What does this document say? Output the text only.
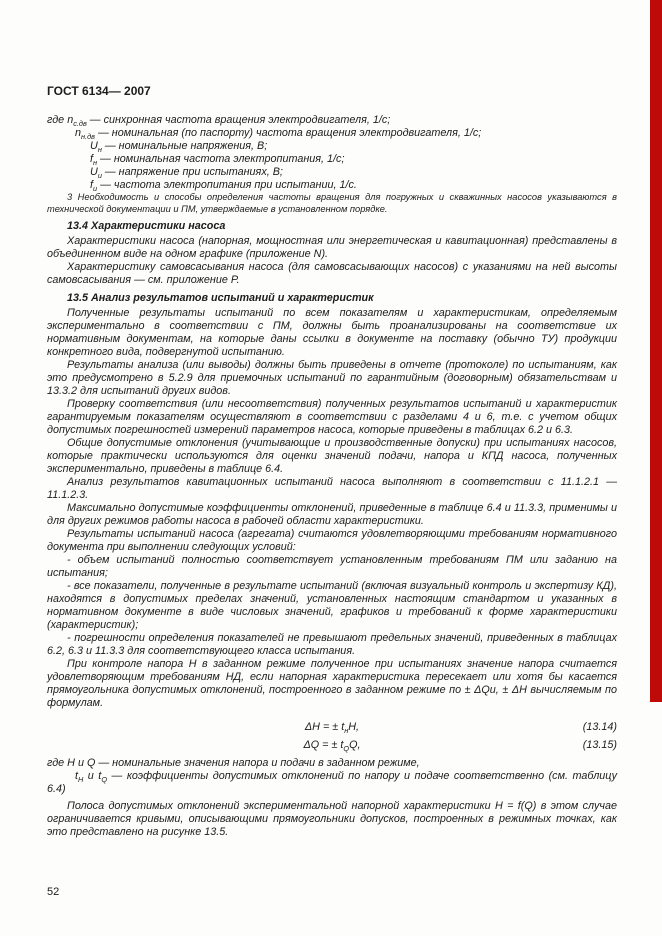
ГОСТ 6134— 2007
где $n_{с.дв}$ — синхронная частота вращения электродвигателя, 1/с;
$n_{н.дв}$ — номинальная (по паспорту) частота вращения электродвигателя, 1/с;
$U_н$ — номинальные напряжения, В;
$f_н$ — номинальная частота электропитания, 1/с;
$U_и$ — напряжение при испытаниях, В;
$f_и$ — частота электропитания при испытании, 1/с.

3 Необходимость и способы определения частоты вращения для погружных и скважинных насосов указываются в технической документации и ПМ, утверждаемые в установленном порядке.

13.4 Характеристики насоса

Характеристики насоса (напорная, мощностная или энергетическая и кавитационная) представлены в объединенном виде на одном графике (приложение N).

Характеристику самовсасывания насоса (для самовсасывающих насосов) с указаниями на ней высоты самовсасывания — см. приложение P.

13.5 Анализ результатов испытаний и характеристик

Полученные результаты испытаний по всем показателям и характеристикам, определяемым экспериментально в соответствии с ПМ, должны быть проанализированы на соответствие их нормативным документам, на которые даны ссылки в документе на поставку (обычно ТУ) продукции конкретного вида, подвергнутой испытанию.

Результаты анализа (или выводы) должны быть приведены в отчете (протоколе) по испытаниям, как это предусмотрено в 5.2.9 для приемочных испытаний по гарантийным (договорным) обязательствам и 13.3.2 для испытаний других видов.

Проверку соответствия (или несоответствия) полученных результатов испытаний и характеристик гарантируемым показателям осуществляют в соответствии с разделами 4 и 6, т.е. с учетом общих допустимых погрешностей измерений параметров насоса, которые приведены в таблицах 6.2 и 6.3.

Общие допустимые отклонения (учитывающие и производственные допуски) при испытаниях насосов, которые практически используются для оценки значений подачи, напора и КПД насоса, полученных экспериментально, приведены в таблице 6.4.

Анализ результатов кавитационных испытаний насоса выполняют в соответствии с 11.1.2.1 — 11.1.2.3.

Максимально допустимые коэффициенты отклонений, приведенные в таблице 6.4 и 11.3.3, применимы и для других режимов работы насоса в рабочей области характеристики.

Результаты испытаний насоса (агрегата) считаются удовлетворяющими требованиям нормативного документа при выполнении следующих условий:

- объем испытаний полностью соответствует установленным требованиям ПМ или заданию на испытания;

- все показатели, полученные в результате испытаний (включая визуальный контроль и экспертизу КД), находятся в допустимых пределах значений, установленных настоящим стандартом и указанных в нормативном документе в виде числовых значений, графиков и требований к форме характеристики (характеристик);

- погрешности определения показателей не превышают предельных значений, приведенных в таблицах 6.2, 6.3 и 11.3.3 для соответствующего класса испытания.

При контроле напора Н в заданном режиме полученное при испытаниях значение напора считается удовлетворяющим требованиям НД, если напорная характеристика пересекает или хотя бы касается прямоугольника допустимых отклонений, построенного в заданном режиме по ± ΔQи, ± ΔН вычисляемым по формулам.

ΔН = ± $t_нН$,	(13.14)
ΔQ = ± $t_QQ$,	(13.15)

где Н и Q — номинальные значения напора и подачи в заданном режиме,

$t_Н$ и $t_Q$ — коэффициенты допустимых отклонений по напору и подаче соответственно (см. таблицу 6.4)

Полоса допустимых отклонений экспериментальной напорной характеристики Н = f(Q) в этом случае ограничивается кривыми, описывающими прямоугольники допусков, построенных в режимных точках, как это представлено на рисунке 13.5.

52
